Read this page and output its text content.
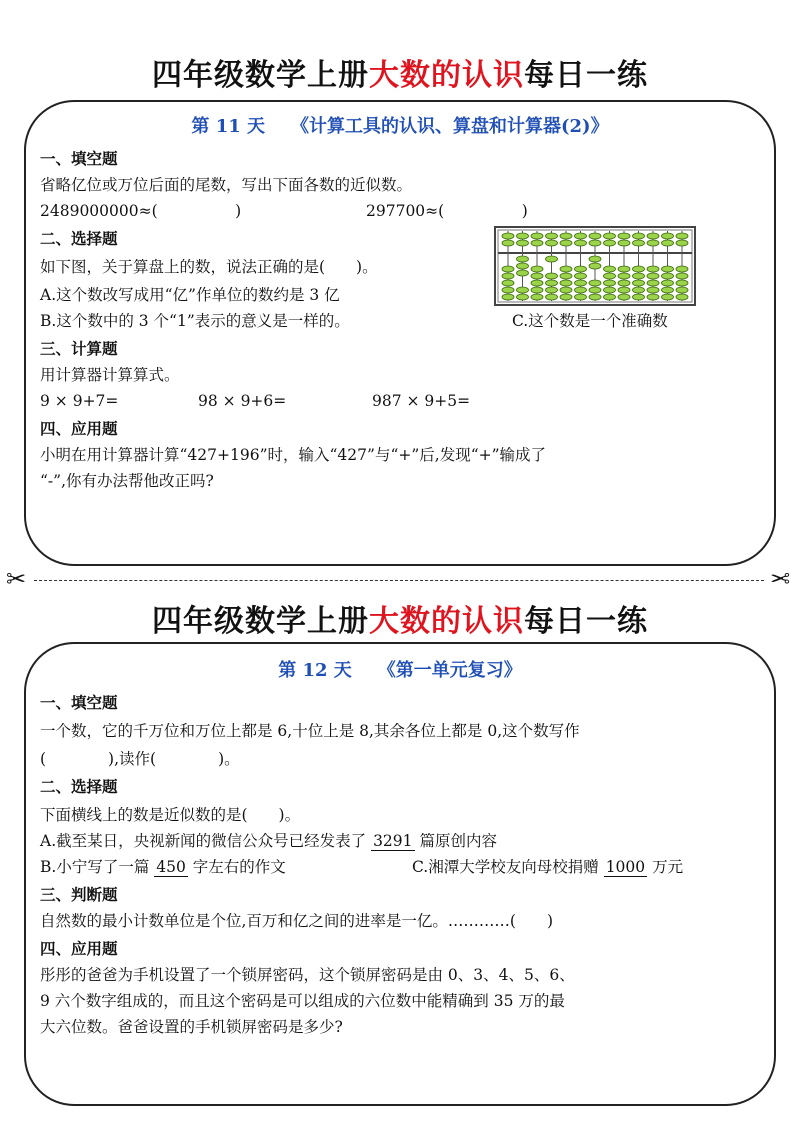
四年级数学上册大数的认识每日一练
第 11 天 《计算工具的认识、算盘和计算器(2)》
一、填空题
省略亿位或万位后面的尾数，写出下面各数的近似数。
2489000000≈(　　　　　)	297700≈(　　　　　)
二、选择题
如下图，关于算盘上的数，说法正确的是(　　)。
A.这个数改写成用“亿”作单位的数约是 3 亿
B.这个数中的 3 个“1”表示的意义是一样的。	C.这个数是一个准确数
三、计算题
用计算器计算算式。
9 × 9+7=	98 × 9+6=	987 × 9+5=
四、应用题
小明在用计算器计算“427+196”时，输入“427”与“+”后,发现“+”输成了
“-”,你有办法帮他改正吗?
✂	✂
四年级数学上册大数的认识每日一练
第 12 天 《第一单元复习》
一、填空题
一个数，它的千万位和万位上都是 6,十位上是 8,其余各位上都是 0,这个数写作
(　　　　),读作(　　　　)。
二、选择题
下面横线上的数是近似数的是(　　)。
A.截至某日，央视新闻的微信公众号已经发表了 3291 篇原创内容
B.小宁写了一篇 450 字左右的作文	C.湘潭大学校友向母校捐赠 1000 万元
三、判断题
自然数的最小计数单位是个位,百万和亿之间的进率是一亿。…………(　　)
四、应用题
彤彤的爸爸为手机设置了一个锁屏密码，这个锁屏密码是由 0、3、4、5、6、
9 六个数字组成的，而且这个密码是可以组成的六位数中能精确到 35 万的最
大六位数。爸爸设置的手机锁屏密码是多少?
